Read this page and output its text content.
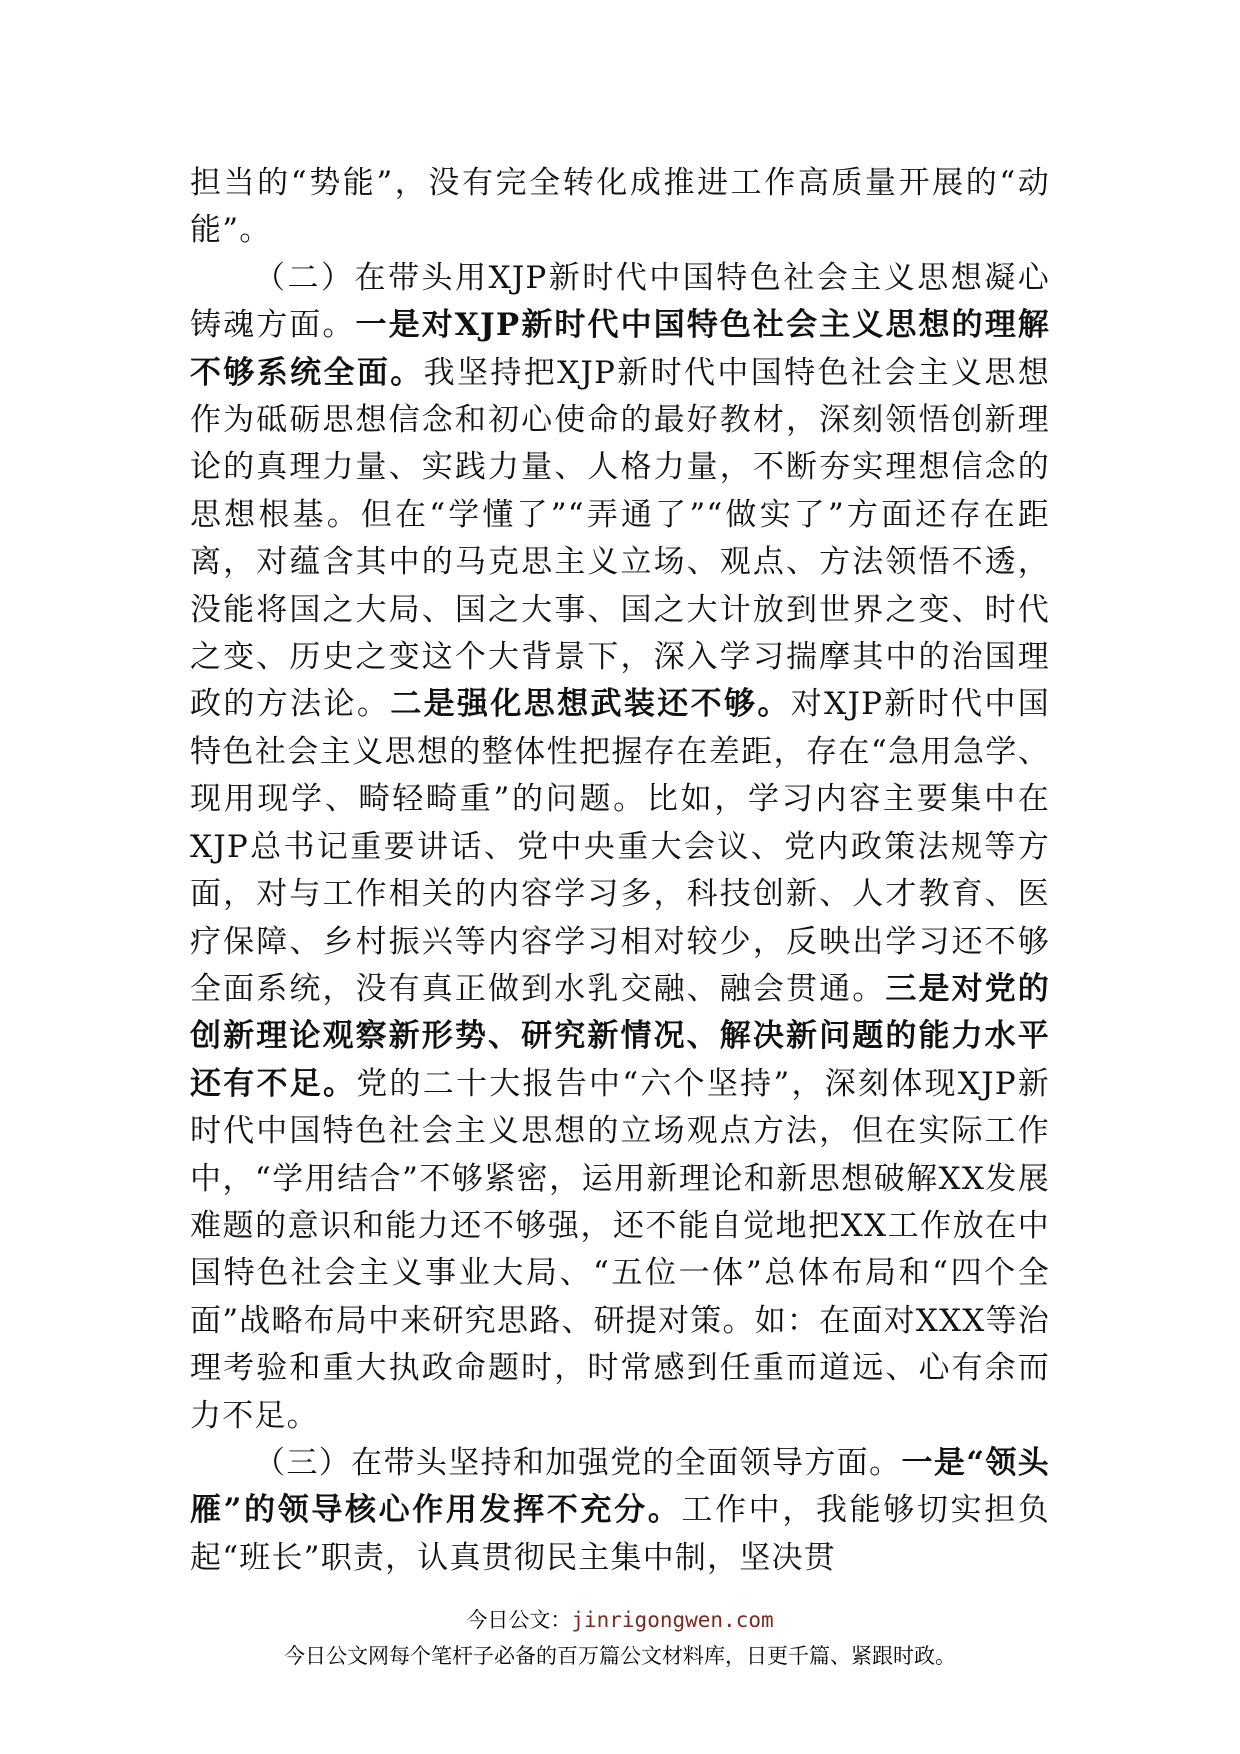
担当的“势能”，没有完全转化成推进工作高质量开展的“动能”。

（二）在带头用XJP新时代中国特色社会主义思想凝心铸魂方面。一是对XJP新时代中国特色社会主义思想的理解不够系统全面。我坚持把XJP新时代中国特色社会主义思想作为砥砺思想信念和初心使命的最好教材，深刻领悟创新理论的真理力量、实践力量、人格力量，不断夯实理想信念的思想根基。但在“学懂了”“弄通了”“做实了”方面还存在距离，对蕴含其中的马克思主义立场、观点、方法领悟不透，没能将国之大局、国之大事、国之大计放到世界之变、时代之变、历史之变这个大背景下，深入学习揣摩其中的治国理政的方法论。二是强化思想武装还不够。对XJP新时代中国特色社会主义思想的整体性把握存在差距，存在“急用急学、现用现学、畸轻畸重”的问题。比如，学习内容主要集中在XJP总书记重要讲话、党中央重大会议、党内政策法规等方面，对与工作相关的内容学习多，科技创新、人才教育、医疗保障、乡村振兴等内容学习相对较少，反映出学习还不够全面系统，没有真正做到水乳交融、融会贯通。三是对党的创新理论观察新形势、研究新情况、解决新问题的能力水平还有不足。党的二十大报告中“六个坚持”，深刻体现XJP新时代中国特色社会主义思想的立场观点方法，但在实际工作中，“学用结合”不够紧密，运用新理论和新思想破解XX发展难题的意识和能力还不够强，还不能自觉地把XX工作放在中国特色社会主义事业大局、“五位一体”总体布局和“四个全面”战略布局中来研究思路、研提对策。如：在面对XXX等治理考验和重大执政命题时，时常感到任重而道远、心有余而力不足。

（三）在带头坚持和加强党的全面领导方面。一是“领头雁”的领导核心作用发挥不充分。工作中，我能够切实担负起“班长”职责，认真贯彻民主集中制，坚决贯

今日公文：jinrigongwen.com
今日公文网每个笔杆子必备的百万篇公文材料库，日更千篇、紧跟时政。
